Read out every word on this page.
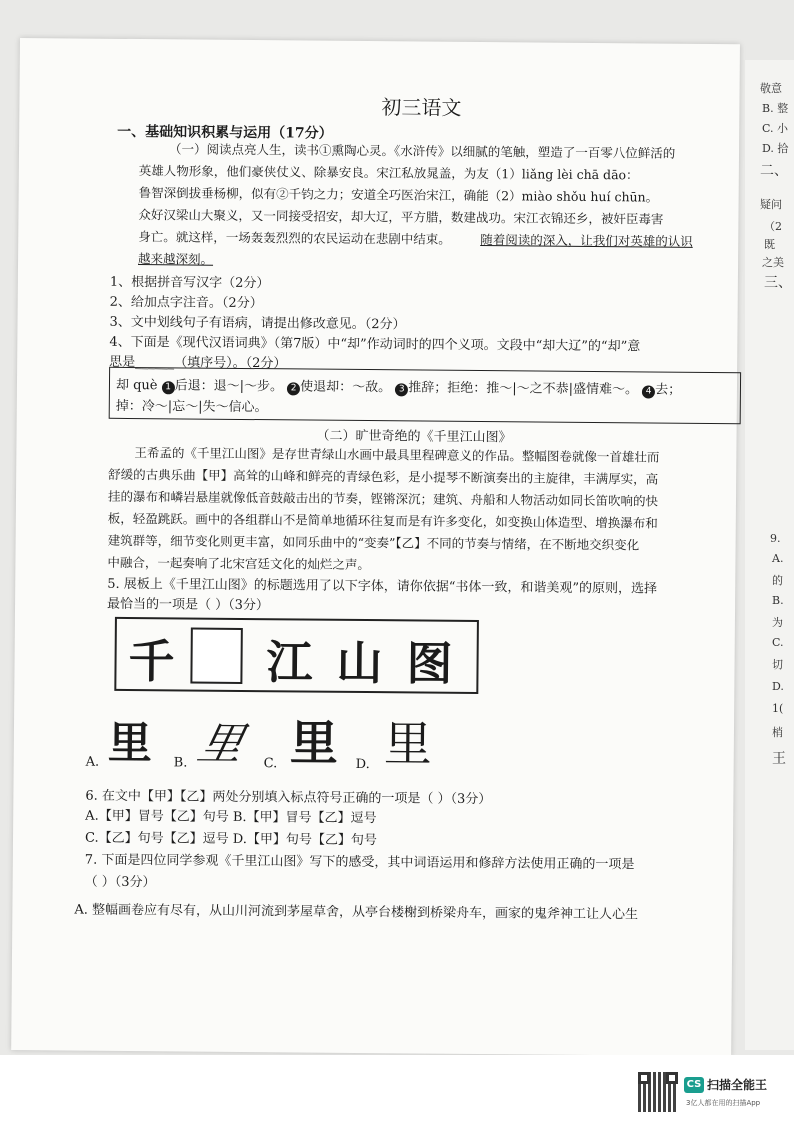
敬意
B. 整
C. 小
D. 拾
二、
疑问
（2
既
之美
三、
9.
A.
的
B.
为
C.
切
D.
1(
梢
王
初三语文
一、基础知识积累与运用（17分）
（一）阅读点亮人生，读书①熏陶心灵。《水浒传》以细腻的笔触，塑造了一百零八位鲜活的
英雄人物形象，他们豪侠仗义、除暴安良。宋江私放晁盖，为友（1）liǎng lèi chā dāo：
鲁智深倒拔垂杨柳，似有②千钧之力；安道全巧医治宋江，确能（2）miào shǒu huí chūn。
众好汉梁山大聚义，又一同接受招安，却大辽，平方腊，数建战功。宋江衣锦还乡，被奸臣毒害
身亡。就这样，一场轰轰烈烈的农民运动在悲剧中结束。 随着阅读的深入，让我们对英雄的认识
越来越深刻。
1、根据拼音写汉字（2分）
2、给加点字注音。（2分）
3、文中划线句子有语病，请提出修改意见。（2分）
4、下面是《现代汉语词典》（第7版）中“却”作动词时的四个义项。文段中“却大辽”的“却”意
思是______（填序号）。（2分）
却 què 1 后退：退～|～步。 2 使退却：～敌。 3 推辞；拒绝：推～|～之不恭|盛情难～。 4 去；
掉：冷～|忘～|失～信心。
（二）旷世奇绝的《千里江山图》
王希孟的《千里江山图》是存世青绿山水画中最具里程碑意义的作品。整幅图卷就像一首雄壮而
舒缓的古典乐曲【甲】高耸的山峰和鲜亮的青绿色彩，是小提琴不断演奏出的主旋律，丰满厚实，高
挂的瀑布和嶙岩悬崖就像低音鼓敲击出的节奏，铿锵深沉；建筑、舟船和人物活动如同长笛吹响的快
板，轻盈跳跃。画中的各组群山不是简单地循环往复而是有许多变化，如变换山体造型、增换瀑布和
建筑群等，细节变化则更丰富，如同乐曲中的“变奏”【乙】不同的节奏与情绪，在不断地交织变化
中融合，一起奏响了北宋宫廷文化的灿烂之声。
5. 展板上《千里江山图》的标题选用了以下字体，请你依据“书体一致，和谐美观”的原则，选择
最恰当的一项是（ ）（3分）
千 江 山 图
A. 里 B. 里 C. 里 D. 里
6. 在文中【甲】【乙】两处分别填入标点符号正确的一项是（ ）（3分）
A.【甲】冒号【乙】句号 B.【甲】冒号【乙】逗号
C.【乙】句号【乙】逗号 D.【甲】句号【乙】句号
7. 下面是四位同学参观《千里江山图》写下的感受，其中词语运用和修辞方法使用正确的一项是
（ ）（3分）
A. 整幅画卷应有尽有，从山川河流到茅屋草舍，从亭台楼榭到桥梁舟车，画家的鬼斧神工让人心生
CS 扫描全能王
3亿人都在用的扫描App
